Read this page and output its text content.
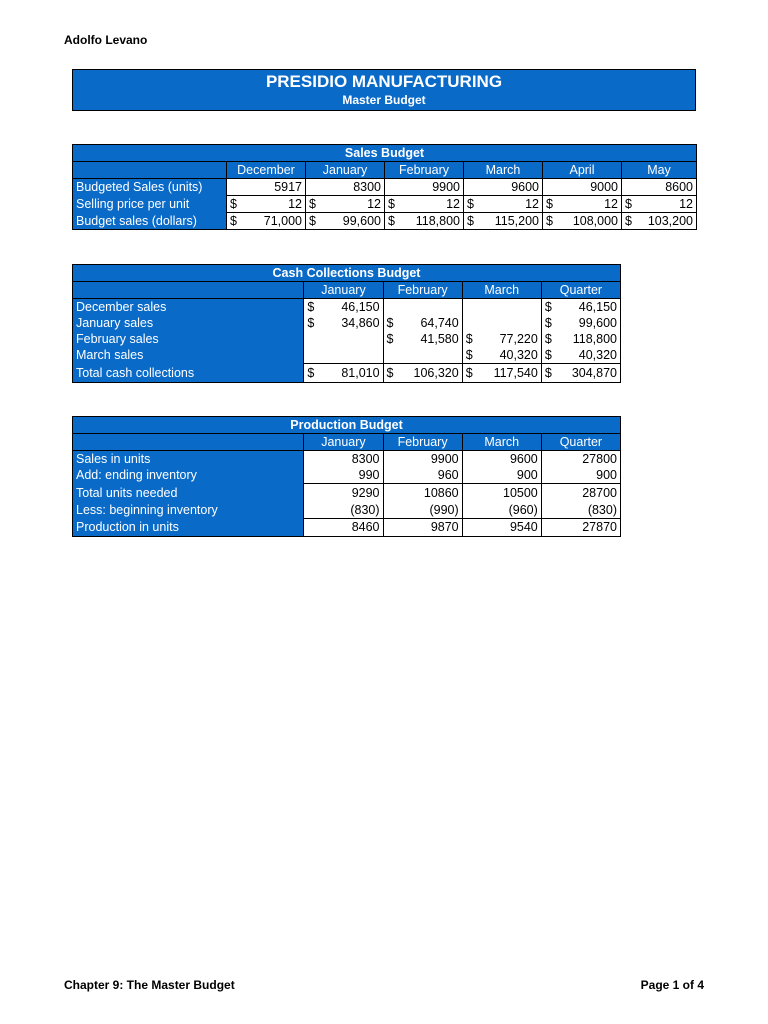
Adolfo Levano
PRESIDIO MANUFACTURING
Master Budget
Sales Budget						
	December	January	February	March	April	May
Budgeted Sales (units)	5917	8300	9900	9600	9000	8600
Selling price per unit	$ 12	$ 12	$ 12	$ 12	$ 12	$ 12

Budget sales (dollars)	$ 71,000	$ 99,600	$ 118,800	$ 115,200	$ 108,000	$ 103,200
Cash Collections Budget				
	January	February	March	Quarter
December sales	$ 46,150			$ 46,150

January sales	$ 34,860	$ 64,740		$ 99,600

February sales		$ 41,580	$ 77,220	$ 118,800

March sales			$ 40,320	$ 40,320

Total cash collections	$ 81,010	$ 106,320	$ 117,540	$ 304,870
Production Budget				
	January	February	March	Quarter
Sales in units	8300	9900	9600	27800
Add: ending inventory	990	960	900	900
Total units needed	9290	10860	10500	28700
Less: beginning inventory	(830)	(990)	(960)	(830)
Production in units	8460	9870	9540	27870
Chapter 9: The Master Budget	Page 1 of 4
